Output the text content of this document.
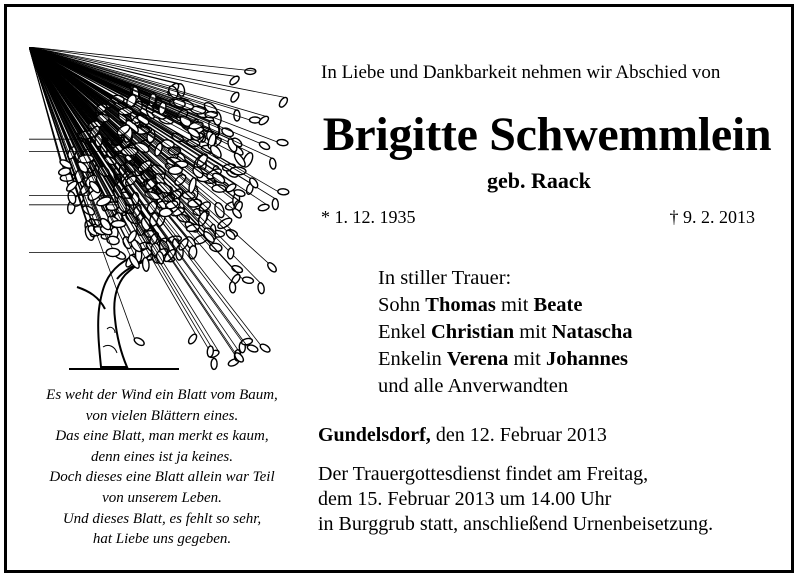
Es weht der Wind ein Blatt vom Baum,
von vielen Blättern eines.
Das eine Blatt, man merkt es kaum,
denn eines ist ja keines.
Doch dieses eine Blatt allein war Teil
von unserem Leben.
Und dieses Blatt, es fehlt so sehr,
hat Liebe uns gegeben.
In Liebe und Dankbarkeit nehmen wir Abschied von
Brigitte Schwemmlein
geb. Raack
* 1. 12. 1935	† 9. 2. 2013
In stiller Trauer:
Sohn Thomas mit Beate
Enkel Christian mit Natascha
Enkelin Verena mit Johannes
und alle Anverwandten
Gundelsdorf, den 12. Februar 2013
Der Trauergottesdienst findet am Freitag,
dem 15. Februar 2013 um 14.00 Uhr
in Burggrub statt, anschließend Urnenbeisetzung.
